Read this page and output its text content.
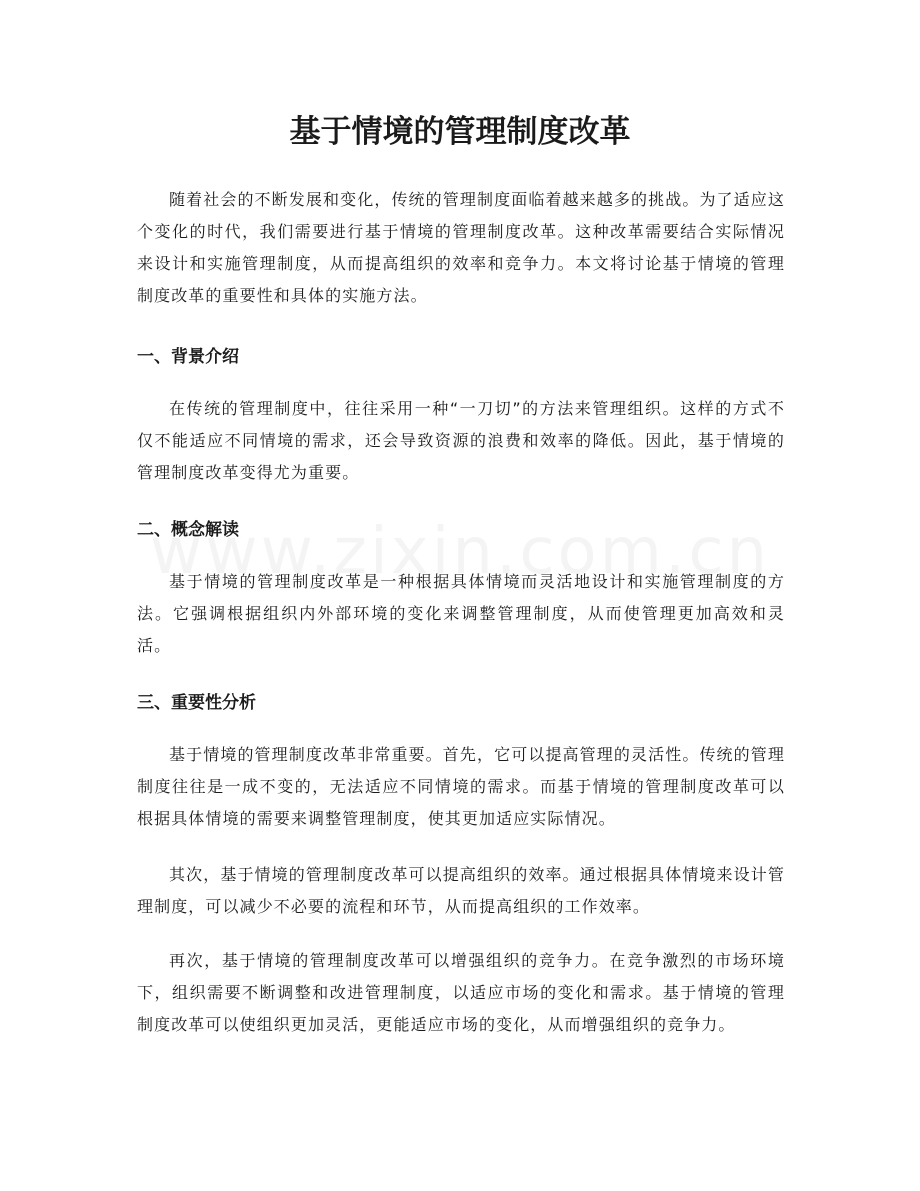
基于情境的管理制度改革

随着社会的不断发展和变化，传统的管理制度面临着越来越多的挑战。为了适应这个变化的时代，我们需要进行基于情境的管理制度改革。这种改革需要结合实际情况来设计和实施管理制度，从而提高组织的效率和竞争力。本文将讨论基于情境的管理制度改革的重要性和具体的实施方法。

一、背景介绍

在传统的管理制度中，往往采用一种“一刀切”的方法来管理组织。这样的方式不仅不能适应不同情境的需求，还会导致资源的浪费和效率的降低。因此，基于情境的管理制度改革变得尤为重要。

二、概念解读

基于情境的管理制度改革是一种根据具体情境而灵活地设计和实施管理制度的方法。它强调根据组织内外部环境的变化来调整管理制度，从而使管理更加高效和灵活。

三、重要性分析

基于情境的管理制度改革非常重要。首先，它可以提高管理的灵活性。传统的管理制度往往是一成不变的，无法适应不同情境的需求。而基于情境的管理制度改革可以根据具体情境的需要来调整管理制度，使其更加适应实际情况。

其次，基于情境的管理制度改革可以提高组织的效率。通过根据具体情境来设计管理制度，可以减少不必要的流程和环节，从而提高组织的工作效率。

再次，基于情境的管理制度改革可以增强组织的竞争力。在竞争激烈的市场环境下，组织需要不断调整和改进管理制度，以适应市场的变化和需求。基于情境的管理制度改革可以使组织更加灵活，更能适应市场的变化，从而增强组织的竞争力。
